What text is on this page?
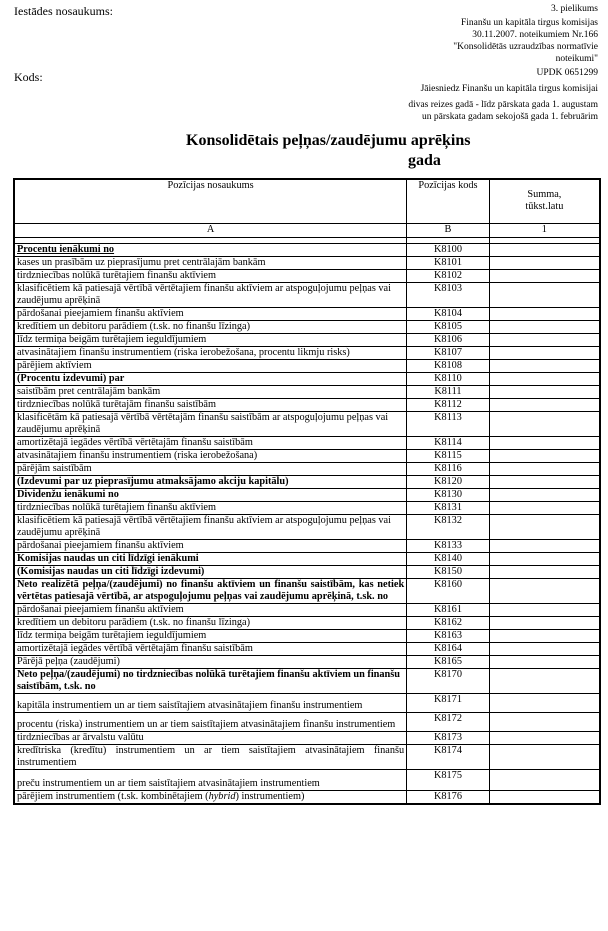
Iestādes nosaukums:
Kods:
3. pielikums
Finanšu un kapitāla tirgus komisijas
30.11.2007. noteikumiem Nr.166
"Konsolidētās uzraudzības normatīvie
noteikumi"
UPDK 0651299
Jāiesniedz Finanšu un kapitāla tirgus komisijai
divas reizes gadā - līdz pārskata gada 1. augustam
un pārskata gadam sekojošā gada 1. februārim
Konsolidētais peļņas/zaudējumu aprēķins
gada
Pozīcijas nosaukums	Pozīcijas kods	Summa, tūkst.latu
A	B	1

Procentu ienākumi no	K8100	
kases un prasībām uz pieprasījumu pret centrālajām bankām	K8101	
tirdzniecības nolūkā turētajiem finanšu aktīviem	K8102	
klasificētiem kā patiesajā vērtībā vērtētajiem finanšu aktīviem ar atspoguļojumu peļņas vai zaudējumu aprēķinā	K8103	
pārdošanai pieejamiem finanšu aktīviem	K8104	
kredītiem un debitoru parādiem (t.sk. no finanšu līzinga)	K8105	
līdz termiņa beigām turētajiem ieguldījumiem	K8106	
atvasinātajiem finanšu instrumentiem (riska ierobežošana, procentu likmju risks)	K8107	
pārējiem aktīviem	K8108	
(Procentu izdevumi) par	K8110	
saistībām pret centrālajām bankām	K8111	
tirdzniecības nolūkā turētajām finanšu saistībām	K8112	
klasificētām kā patiesajā vērtībā vērtētajām finanšu saistībām ar atspoguļojumu peļņas vai zaudējumu aprēķinā	K8113	
amortizētajā iegādes vērtībā vērtētajām finanšu saistībām	K8114	
atvasinātajiem finanšu instrumentiem (riska ierobežošana)	K8115	
pārējām saistībām	K8116	
(Izdevumi par uz pieprasījumu atmaksājamo akciju kapitālu)	K8120	
Dividenžu ienākumi no	K8130	
tirdzniecības nolūkā turētajiem finanšu aktīviem	K8131	
klasificētiem kā patiesajā vērtībā vērtētajiem finanšu aktīviem ar atspoguļojumu peļņas vai zaudējumu aprēķinā	K8132	
pārdošanai pieejamiem finanšu aktīviem	K8133	
Komisijas naudas un citi līdzīgi ienākumi	K8140	
(Komisijas naudas un citi līdzīgi izdevumi)	K8150	
Neto realizētā peļņa/(zaudējumi) no finanšu aktīviem un finanšu saistībām, kas netiek vērtētas patiesajā vērtībā, ar atspoguļojumu peļņas vai zaudējumu aprēķinā, t.sk. no	K8160	
pārdošanai pieejamiem finanšu aktīviem	K8161	
kredītiem un debitoru parādiem (t.sk. no finanšu līzinga)	K8162	
līdz termiņa beigām turētajiem ieguldījumiem	K8163	
amortizētajā iegādes vērtībā vērtētajām finanšu saistībām	K8164	
Pārējā peļņa (zaudējumi)	K8165	
Neto peļņa/(zaudējumi) no tirdzniecības nolūkā turētajiem finanšu aktīviem un finanšu saistībām, t.sk. no	K8170	
kapitāla instrumentiem un ar tiem saistītajiem atvasinātajiem finanšu instrumentiem	K8171	
procentu (riska) instrumentiem un ar tiem saistītajiem atvasinātajiem finanšu instrumentiem	K8172	
tirdzniecības ar ārvalstu valūtu	K8173	
kredītriska (kredītu) instrumentiem un ar tiem saistītajiem atvasinātajiem finanšu instrumentiem	K8174	
preču instrumentiem un ar tiem saistītajiem atvasinātajiem instrumentiem	K8175	
pārējiem instrumentiem (t.sk. kombinētajiem (hybrid) instrumentiem)	K8176	
